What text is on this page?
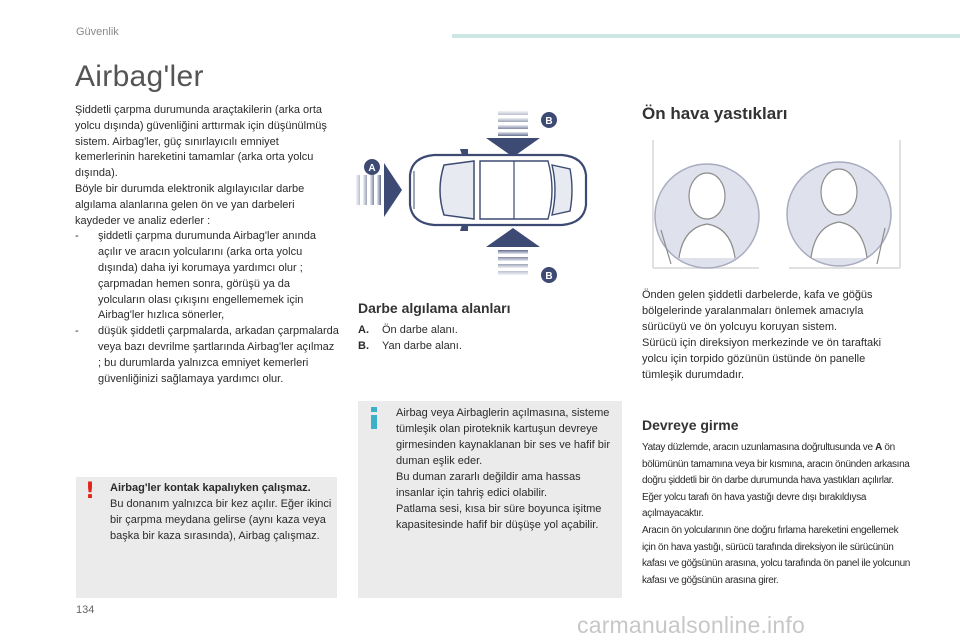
Güvenlik
Airbag'ler

Şiddetli çarpma durumunda araçtakilerin (arka orta yolcu dışında) güvenliğini arttırmak için düşünülmüş sistem. Airbag'ler, güç sınırlayıcılı emniyet kemerlerinin hareketini tamamlar (arka orta yolcu dışında).

Böyle bir durumda elektronik algılayıcılar darbe algılama alanlarına gelen ön ve yan darbeleri kaydeder ve analiz ederler :

-	şiddetli çarpma durumunda Airbag'ler anında açılır ve aracın yolcularını (arka orta yolcu dışında) daha iyi korumaya yardımcı olur ; çarpmadan hemen sonra, görüşü ya da yolcuların olası çıkışını engellememek için Airbag'ler hızlıca sönerler,
-	düşük şiddetli çarpmalarda, arkadan çarpmalarda veya bazı devrilme şartlarında Airbag'ler açılmaz ; bu durumlarda yalnızca emniyet kemerleri güvenliğinizi sağlamaya yardımcı olur.
!	Airbag'ler kontak kapalıyken çalışmaz.
Bu donanım yalnızca bir kez açılır. Eğer ikinci bir çarpma meydana gelirse (aynı kaza veya başka bir kaza sırasında), Airbag çalışmaz.
A
B
B
Darbe algılama alanları
A.	Ön darbe alanı.
B.	Yan darbe alanı.
Airbag veya Airbaglerin açılmasına, sisteme tümleşik olan piroteknik kartuşun devreye girmesinden kaynaklanan bir ses ve hafif bir duman eşlik eder.
Bu duman zararlı değildir ama hassas insanlar için tahriş edici olabilir.
Patlama sesi, kısa bir süre boyunca işitme kapasitesinde hafif bir düşüşe yol açabilir.
Ön hava yastıkları
Önden gelen şiddetli darbelerde, kafa ve göğüs bölgelerinde yaralanmaları önlemek amacıyla sürücüyü ve ön yolcuyu koruyan sistem.
Sürücü için direksiyon merkezinde ve ön taraftaki yolcu için torpido gözünün üstünde ön panelle tümleşik durumdadır.
Devreye girme
Yatay düzlemde, aracın uzunlamasına doğrultusunda ve A ön bölümünün tamamına veya bir kısmına, aracın önünden arkasına doğru şiddetli bir ön darbe durumunda hava yastıkları açılırlar. Eğer yolcu tarafı ön hava yastığı devre dışı bırakıldıysa açılmayacaktır.
Aracın ön yolcularının öne doğru fırlama hareketini engellemek için ön hava yastığı, sürücü tarafında direksiyon ile sürücünün kafası ve göğsünün arasına, yolcu tarafında ön panel ile yolcunun kafası ve göğsünün arasına girer.
134
carmanualsonline.info
